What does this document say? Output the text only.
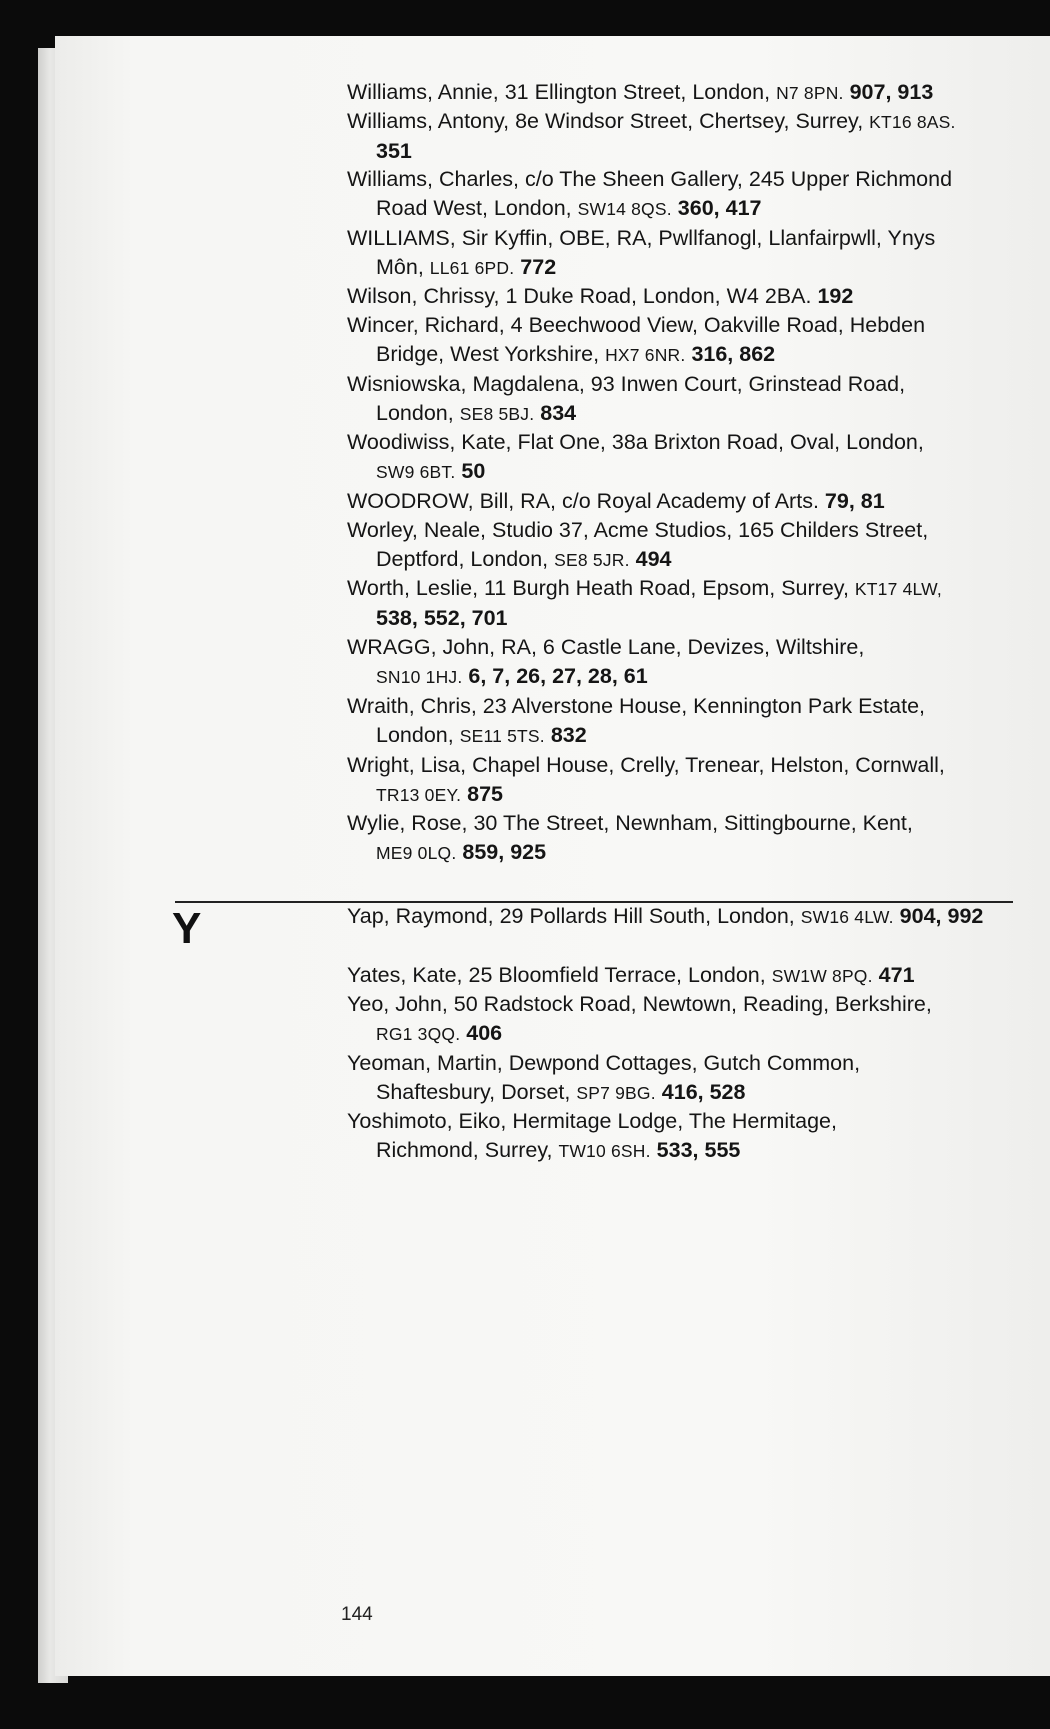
Williams, Annie, 31 Ellington Street, London, N7 8PN. 907, 913
Williams, Antony, 8e Windsor Street, Chertsey, Surrey, KT16 8AS.
351
Williams, Charles, c/o The Sheen Gallery, 245 Upper Richmond
Road West, London, SW14 8QS. 360, 417
WILLIAMS, Sir Kyffin, OBE, RA, Pwllfanogl, Llanfairpwll, Ynys
Môn, LL61 6PD. 772
Wilson, Chrissy, 1 Duke Road, London, W4 2BA. 192
Wincer, Richard, 4 Beechwood View, Oakville Road, Hebden
Bridge, West Yorkshire, HX7 6NR. 316, 862
Wisniowska, Magdalena, 93 Inwen Court, Grinstead Road,
London, SE8 5BJ. 834
Woodiwiss, Kate, Flat One, 38a Brixton Road, Oval, London,
SW9 6BT. 50
WOODROW, Bill, RA, c/o Royal Academy of Arts. 79, 81
Worley, Neale, Studio 37, Acme Studios, 165 Childers Street,
Deptford, London, SE8 5JR. 494
Worth, Leslie, 11 Burgh Heath Road, Epsom, Surrey, KT17 4LW,
538, 552, 701
WRAGG, John, RA, 6 Castle Lane, Devizes, Wiltshire,
SN10 1HJ. 6, 7, 26, 27, 28, 61
Wraith, Chris, 23 Alverstone House, Kennington Park Estate,
London, SE11 5TS. 832
Wright, Lisa, Chapel House, Crelly, Trenear, Helston, Cornwall,
TR13 0EY. 875
Wylie, Rose, 30 The Street, Newnham, Sittingbourne, Kent,
ME9 0LQ. 859, 925
Yap, Raymond, 29 Pollards Hill South, London, SW16 4LW. 904, 992
Yates, Kate, 25 Bloomfield Terrace, London, SW1W 8PQ. 471
Yeo, John, 50 Radstock Road, Newtown, Reading, Berkshire,
RG1 3QQ. 406
Yeoman, Martin, Dewpond Cottages, Gutch Common,
Shaftesbury, Dorset, SP7 9BG. 416, 528
Yoshimoto, Eiko, Hermitage Lodge, The Hermitage,
Richmond, Surrey, TW10 6SH. 533, 555
Y
144
